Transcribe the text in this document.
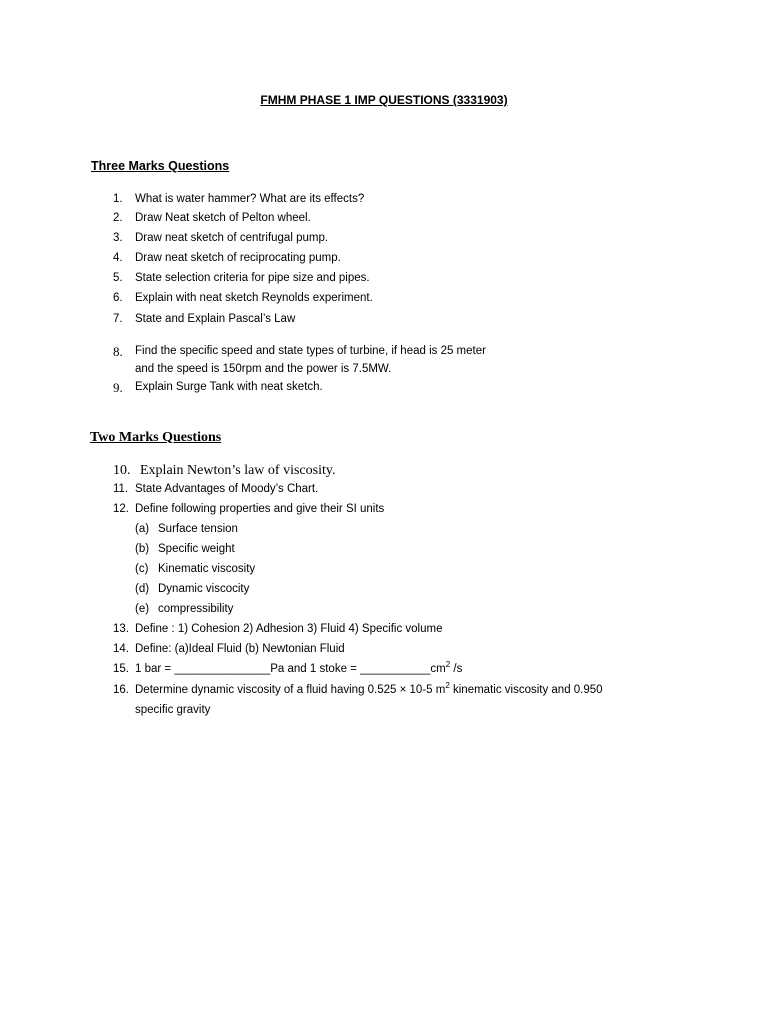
FMHM PHASE 1 IMP QUESTIONS (3331903)
Three Marks Questions
1. What is water hammer? What are its effects?
2. Draw Neat sketch of Pelton wheel.
3. Draw neat sketch of centrifugal pump.
4. Draw neat sketch of reciprocating pump.
5. State selection criteria for pipe size and pipes.
6. Explain with neat sketch Reynolds experiment.
7. State and Explain Pascal’s Law
8. Find the specific speed and state types of turbine, if head is 25 meter
and the speed is 150rpm and the power is 7.5MW.
9. Explain Surge Tank with neat sketch.
Two Marks Questions
10. Explain Newton’s law of viscosity.
11. State Advantages of Moody’s Chart.
12. Define following properties and give their SI units
(a) Surface tension
(b) Specific weight
(c) Kinematic viscosity
(d) Dynamic viscocity
(e) compressibility
13. Define : 1) Cohesion 2) Adhesion 3) Fluid 4) Specific volume
14. Define: (a)Ideal Fluid (b) Newtonian Fluid
15. 1 bar = _______________Pa and 1 stoke = $\_\_\_\_\_\_\_\_\_\_\_cm^2$ /s
16. Determine dynamic viscosity of a fluid having 0.525 × 10-5 $m^2$ kinematic viscosity and 0.950
specific gravity
